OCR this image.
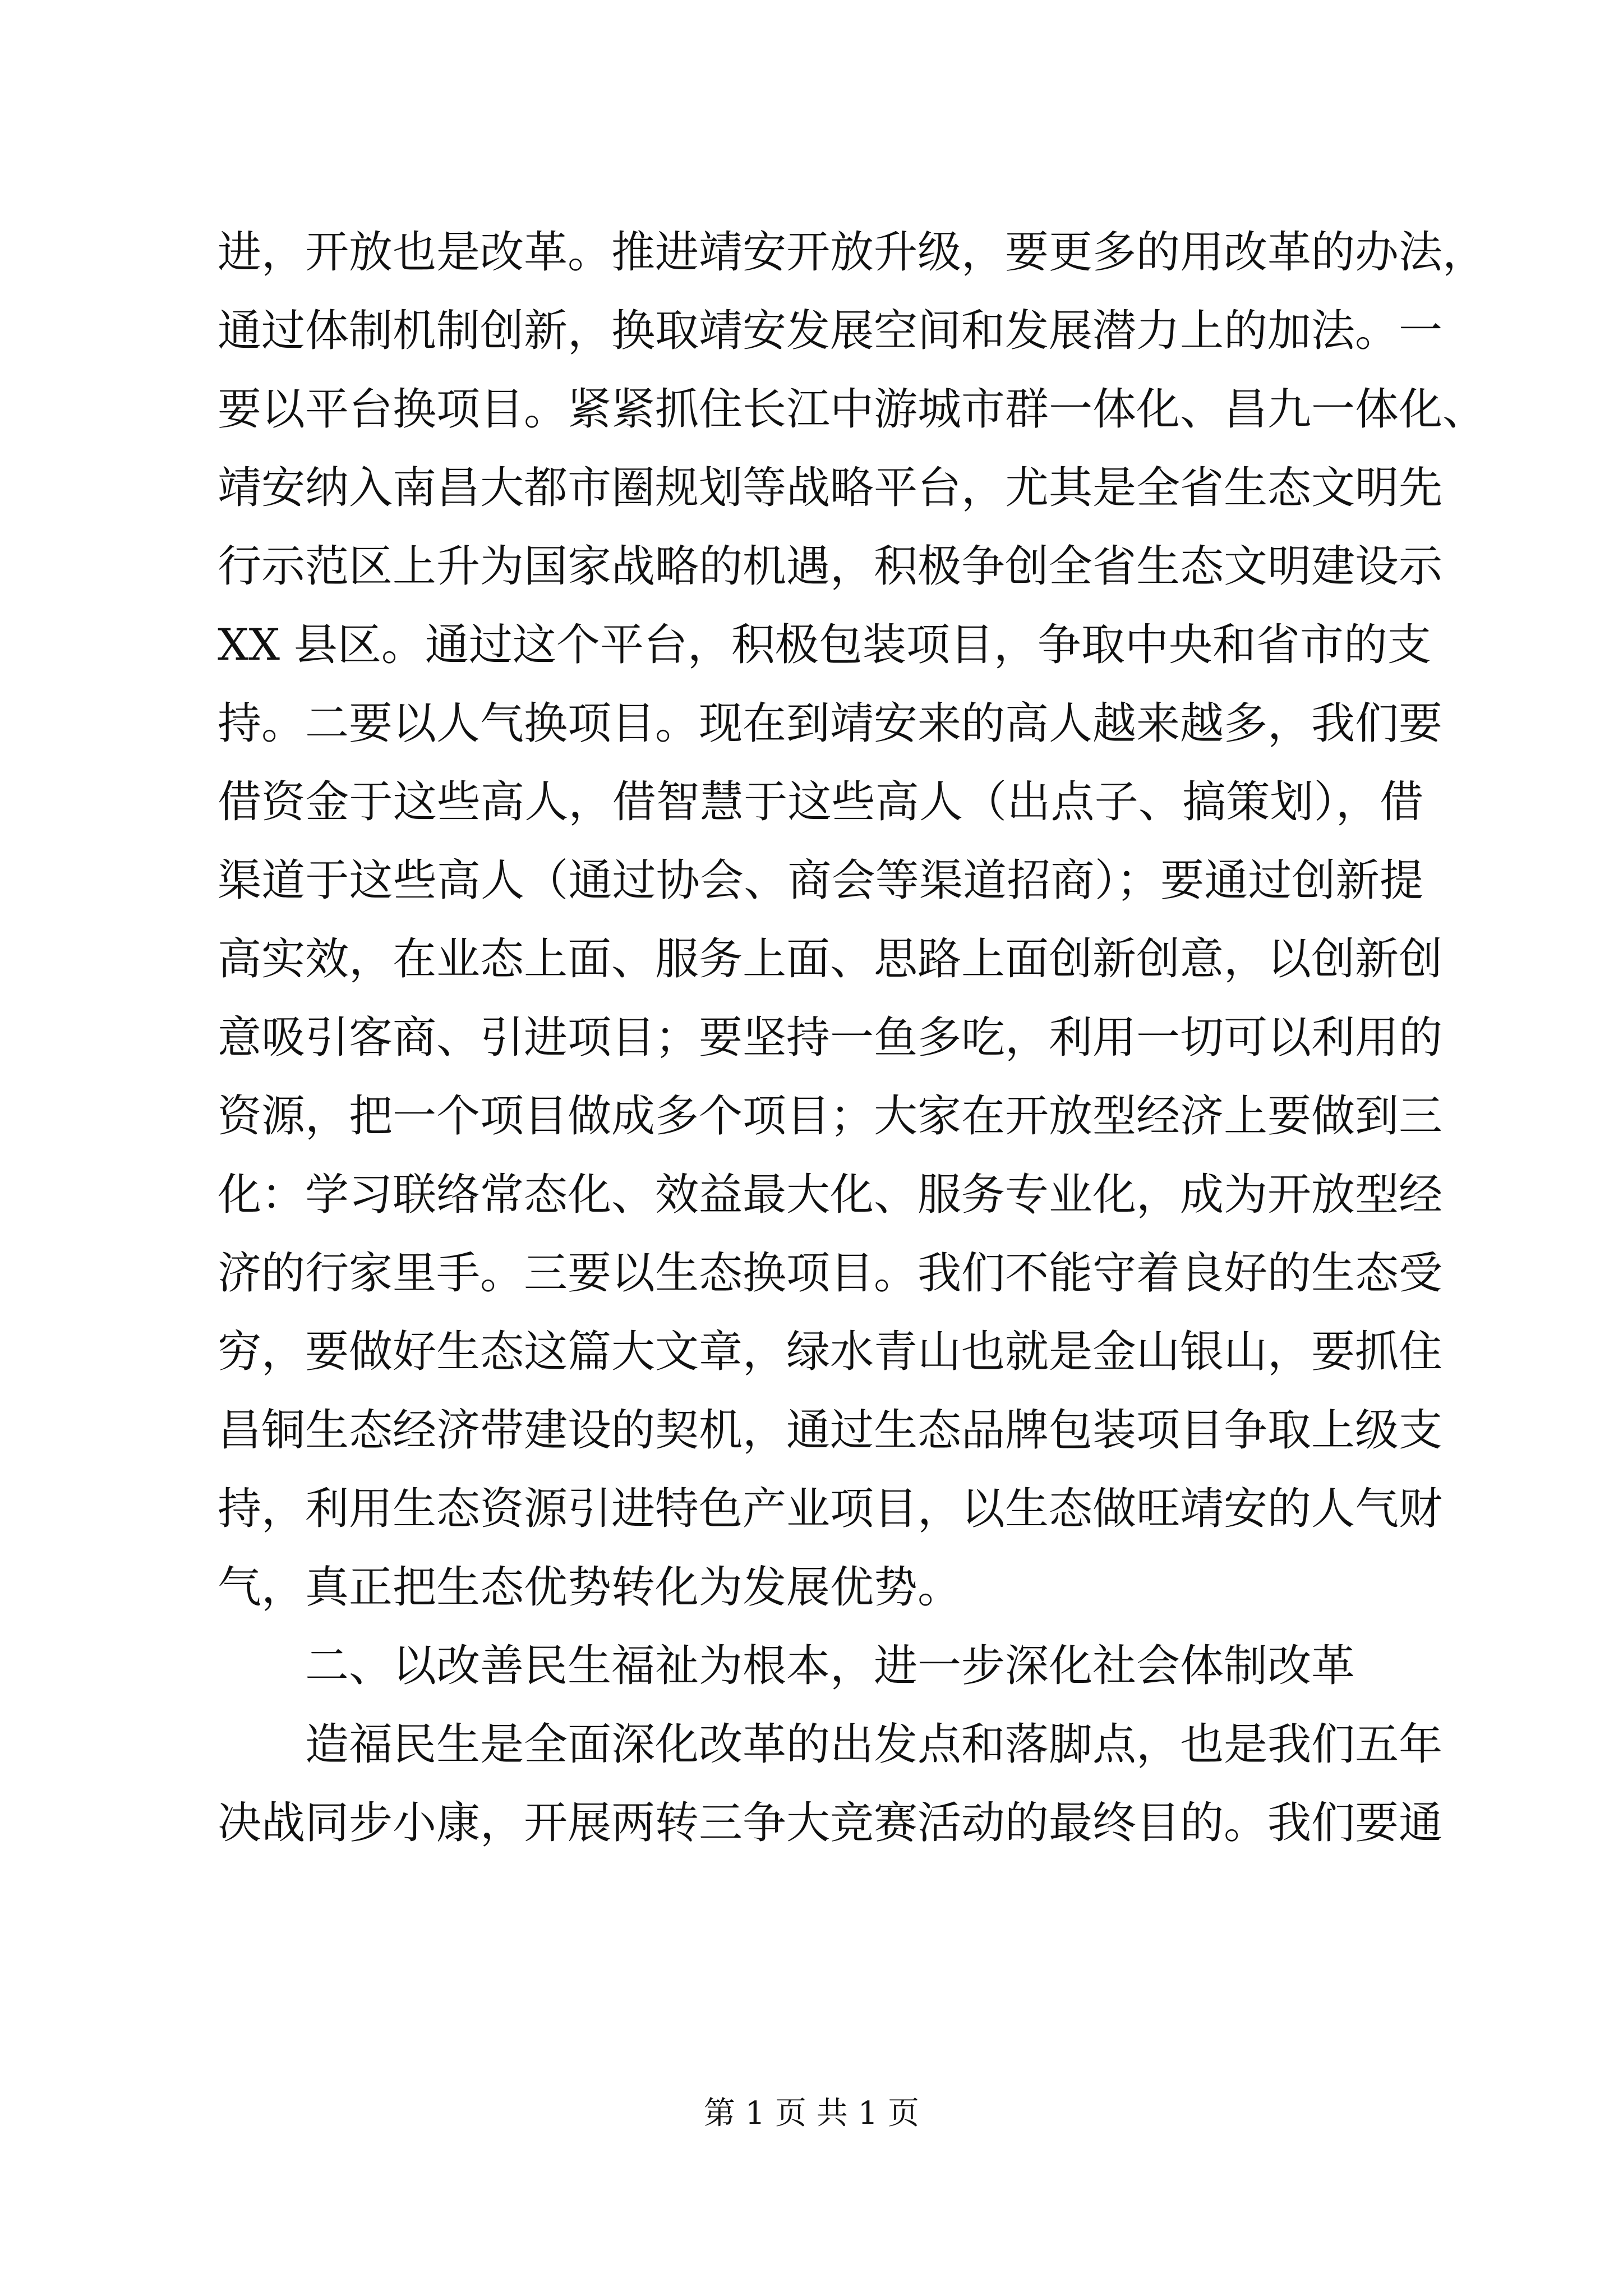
进，开放也是改革。推进靖安开放升级，要更多的用改革的办法，
通过体制机制创新，换取靖安发展空间和发展潜力上的加法。一
要以平台换项目。紧紧抓住长江中游城市群一体化、昌九一体化、
靖安纳入南昌大都市圈规划等战略平台，尤其是全省生态文明先
行示范区上升为国家战略的机遇，积极争创全省生态文明建设示
XX 县区。通过这个平台，积极包装项目，争取中央和省市的支
持。二要以人气换项目。现在到靖安来的高人越来越多，我们要
借资金于这些高人，借智慧于这些高人（出点子、搞策划），借
渠道于这些高人（通过协会、商会等渠道招商）；要通过创新提
高实效，在业态上面、服务上面、思路上面创新创意，以创新创
意吸引客商、引进项目；要坚持一鱼多吃，利用一切可以利用的
资源，把一个项目做成多个项目；大家在开放型经济上要做到三
化：学习联络常态化、效益最大化、服务专业化，成为开放型经
济的行家里手。三要以生态换项目。我们不能守着良好的生态受
穷，要做好生态这篇大文章，绿水青山也就是金山银山，要抓住
昌铜生态经济带建设的契机，通过生态品牌包装项目争取上级支
持，利用生态资源引进特色产业项目，以生态做旺靖安的人气财
气，真正把生态优势转化为发展优势。
二、以改善民生福祉为根本，进一步深化社会体制改革
造福民生是全面深化改革的出发点和落脚点，也是我们五年
决战同步小康，开展两转三争大竞赛活动的最终目的。我们要通
第 1 页 共 1 页
